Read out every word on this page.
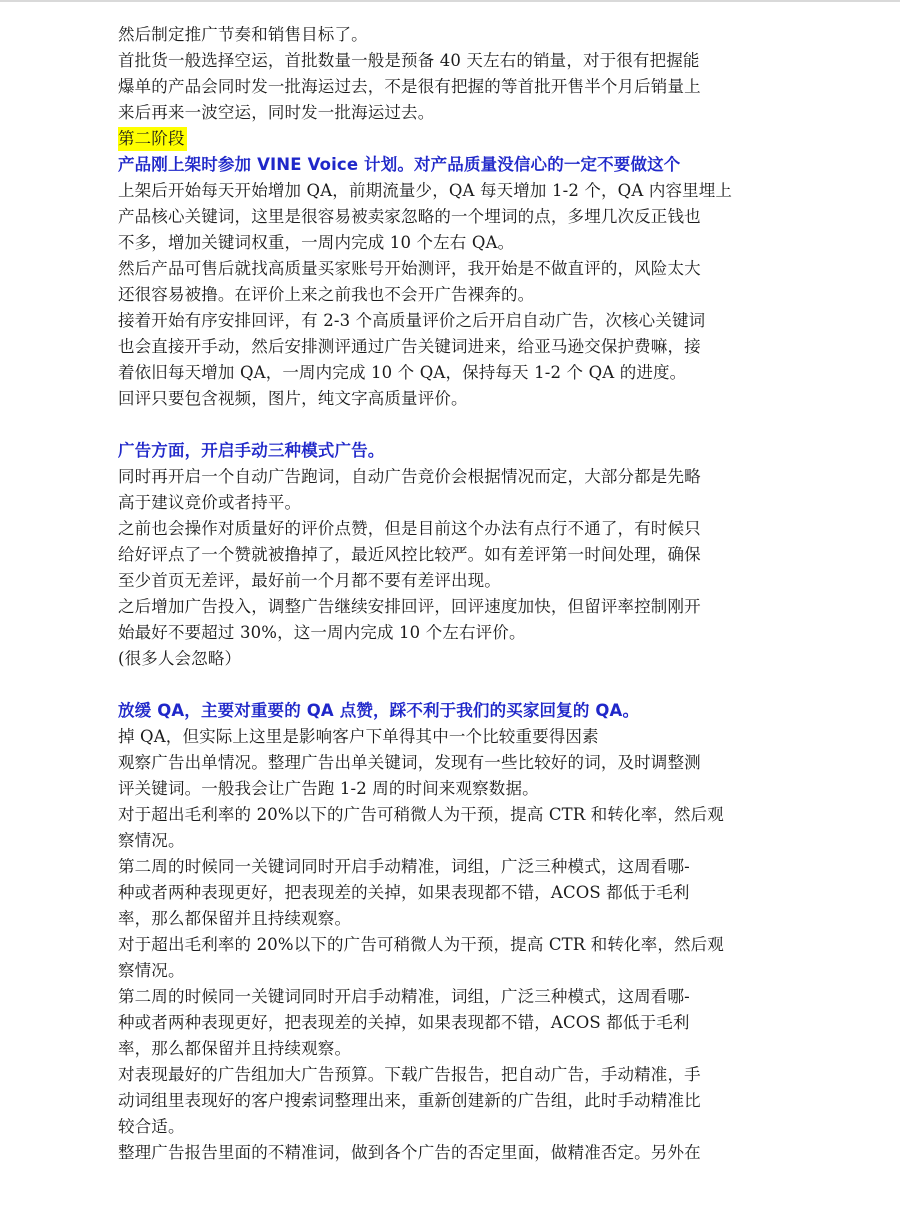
然后制定推广节奏和销售目标了。
首批货一般选择空运，首批数量一般是预备 40 天左右的销量，对于很有把握能
爆单的产品会同时发一批海运过去，不是很有把握的等首批开售半个月后销量上
来后再来一波空运，同时发一批海运过去。
第二阶段
产品刚上架时参加 VINE Voice 计划。对产品质量没信心的一定不要做这个
上架后开始每天开始增加 QA，前期流量少，QA 每天增加 1-2 个，QA 内容里埋上
产品核心关键词，这里是很容易被卖家忽略的一个埋词的点，多埋几次反正钱也
不多，增加关键词权重，一周内完成 10 个左右 QA。
然后产品可售后就找高质量买家账号开始测评，我开始是不做直评的，风险太大
还很容易被撸。在评价上来之前我也不会开广告裸奔的。
接着开始有序安排回评，有 2-3 个高质量评价之后开启自动广告，次核心关键词
也会直接开手动，然后安排测评通过广告关键词进来，给亚马逊交保护费嘛，接
着依旧每天增加 QA，一周内完成 10 个 QA，保持每天 1-2 个 QA 的进度。
回评只要包含视频，图片，纯文字高质量评价。
广告方面，开启手动三种模式广告。
同时再开启一个自动广告跑词，自动广告竞价会根据情况而定，大部分都是先略
高于建议竞价或者持平。
之前也会操作对质量好的评价点赞，但是目前这个办法有点行不通了，有时候只
给好评点了一个赞就被撸掉了，最近风控比较严。如有差评第一时间处理，确保
至少首页无差评，最好前一个月都不要有差评出现。
之后增加广告投入，调整广告继续安排回评，回评速度加快，但留评率控制刚开
始最好不要超过 30%，这一周内完成 10 个左右评价。
(很多人会忽略）
放缓 QA，主要对重要的 QA 点赞，踩不利于我们的买家回复的 QA。
掉 QA，但实际上这里是影响客户下单得其中一个比较重要得因素
观察广告出单情况。整理广告出单关键词，发现有一些比较好的词，及时调整测
评关键词。一般我会让广告跑 1-2 周的时间来观察数据。
对于超出毛利率的 20%以下的广告可稍微人为干预，提高 CTR 和转化率，然后观
察情况。
第二周的时候同一关键词同时开启手动精准，词组，广泛三种模式，这周看哪-
种或者两种表现更好，把表现差的关掉，如果表现都不错，ACOS 都低于毛利
率，那么都保留并且持续观察。
对于超出毛利率的 20%以下的广告可稍微人为干预，提高 CTR 和转化率，然后观
察情况。
第二周的时候同一关键词同时开启手动精准，词组，广泛三种模式，这周看哪-
种或者两种表现更好，把表现差的关掉，如果表现都不错，ACOS 都低于毛利
率，那么都保留并且持续观察。
对表现最好的广告组加大广告预算。下载广告报告，把自动广告，手动精准，手
动词组里表现好的客户搜索词整理出来，重新创建新的广告组，此时手动精准比
较合适。
整理广告报告里面的不精准词，做到各个广告的否定里面，做精准否定。另外在
